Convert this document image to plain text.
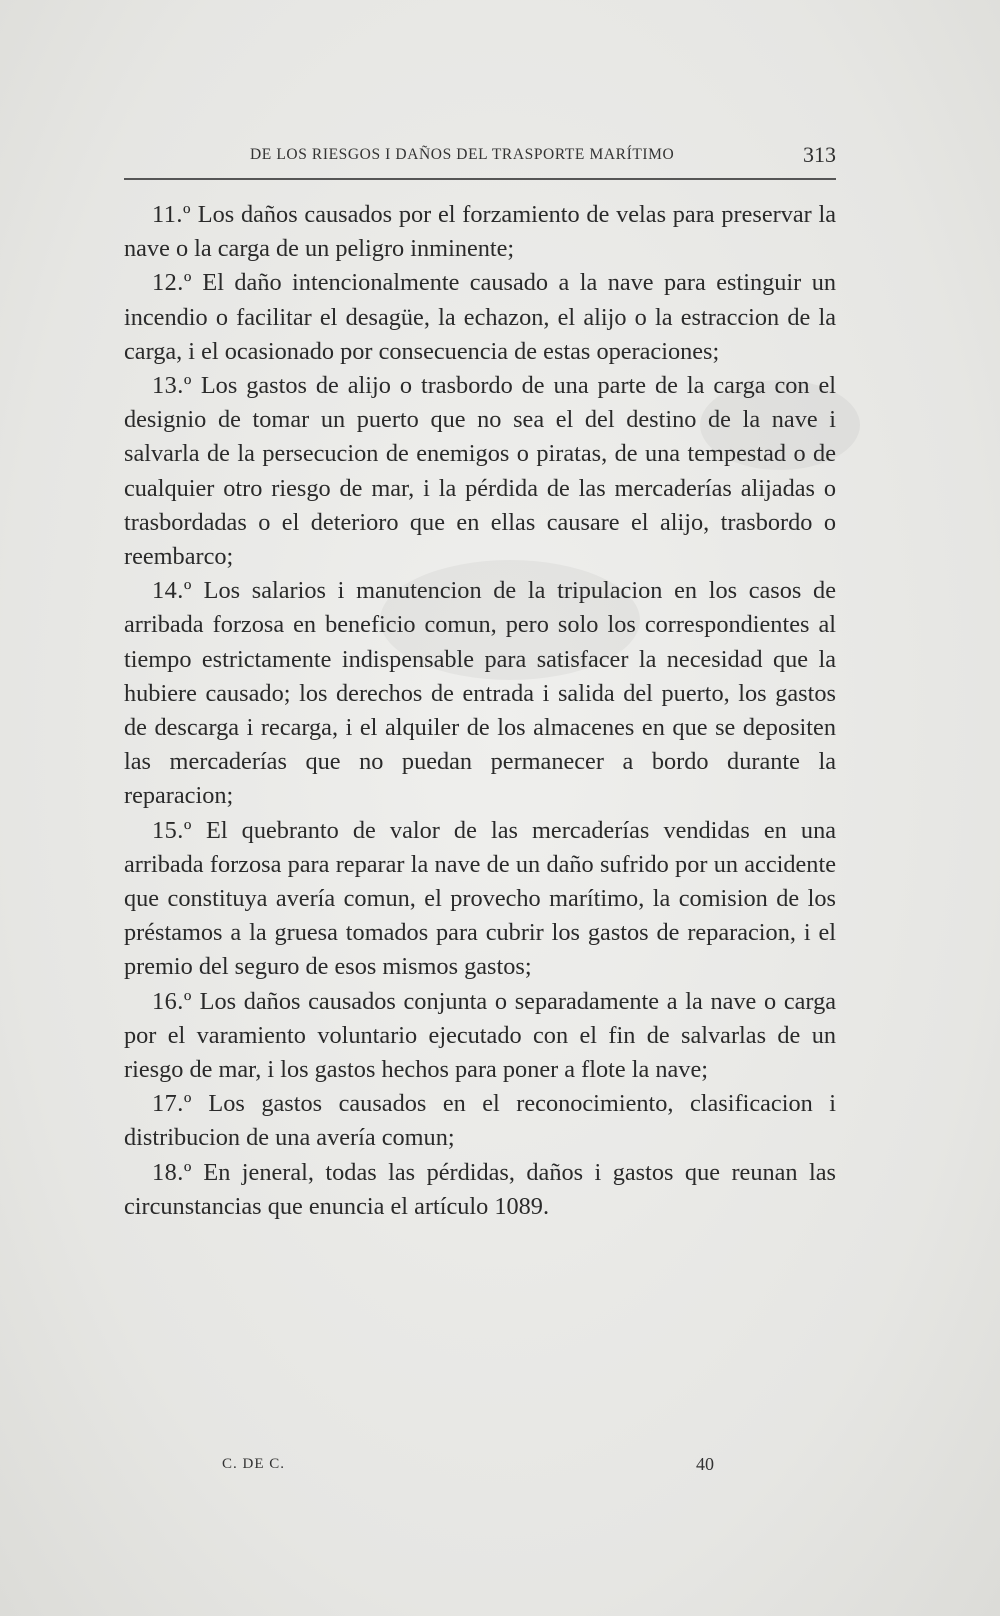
DE LOS RIESGOS I DAÑOS DEL TRASPORTE MARÍTIMO	313

11.º Los daños causados por el forzamiento de velas para preservar la nave o la carga de un peligro inminente;

12.º El daño intencionalmente causado a la nave para estinguir un incendio o facilitar el desagüe, la echazon, el alijo o la estraccion de la carga, i el ocasionado por consecuencia de estas operaciones;

13.º Los gastos de alijo o trasbordo de una parte de la carga con el designio de tomar un puerto que no sea el del destino de la nave i salvarla de la persecucion de enemigos o piratas, de una tempestad o de cualquier otro riesgo de mar, i la pérdida de las mercaderías alijadas o trasbordadas o el deterioro que en ellas causare el alijo, trasbordo o reembarco;

14.º Los salarios i manutencion de la tripulacion en los casos de arribada forzosa en beneficio comun, pero solo los correspondientes al tiempo estrictamente indispensable para satisfacer la necesidad que la hubiere causado; los derechos de entrada i salida del puerto, los gastos de descarga i recarga, i el alquiler de los almacenes en que se depositen las mercaderías que no puedan permanecer a bordo durante la reparacion;

15.º El quebranto de valor de las mercaderías vendidas en una arribada forzosa para reparar la nave de un daño sufrido por un accidente que constituya avería comun, el provecho marítimo, la comision de los préstamos a la gruesa tomados para cubrir los gastos de reparacion, i el premio del seguro de esos mismos gastos;

16.º Los daños causados conjunta o separadamente a la nave o carga por el varamiento voluntario ejecutado con el fin de salvarlas de un riesgo de mar, i los gastos hechos para poner a flote la nave;

17.º Los gastos causados en el reconocimiento, clasificacion i distribucion de una avería comun;

18.º En jeneral, todas las pérdidas, daños i gastos que reunan las circunstancias que enuncia el artículo 1089.

C. DE C.	40
